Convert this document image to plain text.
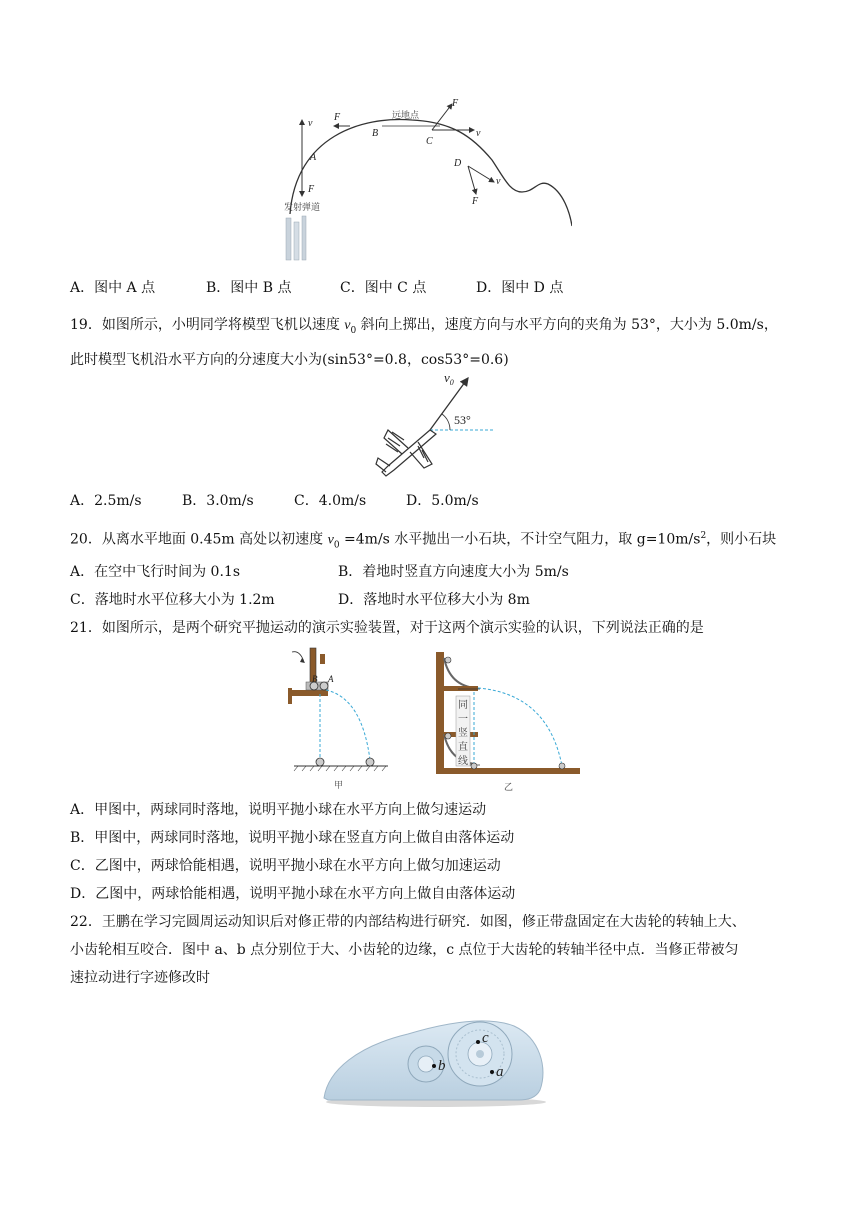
v
F
A
F	远地点
B
F
v
C
D
F
v
发射弹道
A．图中 A 点	B．图中 B 点	C．图中 C 点	D．图中 D 点
19．如图所示，小明同学将模型飞机以速度 $v_0$ 斜向上掷出，速度方向与水平方向的夹角为 53°，大小为 5.0m/s，
此时模型飞机沿水平方向的分速度大小为(sin53°=0.8，cos53°=0.6)
$v_0$
53°
A．2.5m/s	B．3.0m/s	C．4.0m/s	D．5.0m/s
20．从离水平地面 0.45m 高处以初速度 $v_0 =4m/s$ 水平抛出一小石块，不计空气阻力，取 $g=10m/s^2$，则小石块
A．在空中飞行时间为 0.1s	B．着地时竖直方向速度大小为 5m/s
C．落地时水平位移大小为 1.2m	D．落地时水平位移大小为 8m
21．如图所示，是两个研究平抛运动的演示实验装置，对于这两个演示实验的认识，下列说法正确的是
B A
甲
同
一
竖
直
线
乙
A．甲图中，两球同时落地，说明平抛小球在水平方向上做匀速运动
B．甲图中，两球同时落地，说明平抛小球在竖直方向上做自由落体运动
C．乙图中，两球恰能相遇，说明平抛小球在水平方向上做匀加速运动
D．乙图中，两球恰能相遇，说明平抛小球在水平方向上做自由落体运动
22．王鹏在学习完圆周运动知识后对修正带的内部结构进行研究．如图，修正带盘固定在大齿轮的转轴上大、
小齿轮相互咬合．图中 a、b 点分别位于大、小齿轮的边缘，c 点位于大齿轮的转轴半径中点．当修正带被匀
速拉动进行字迹修改时
c
b	a
